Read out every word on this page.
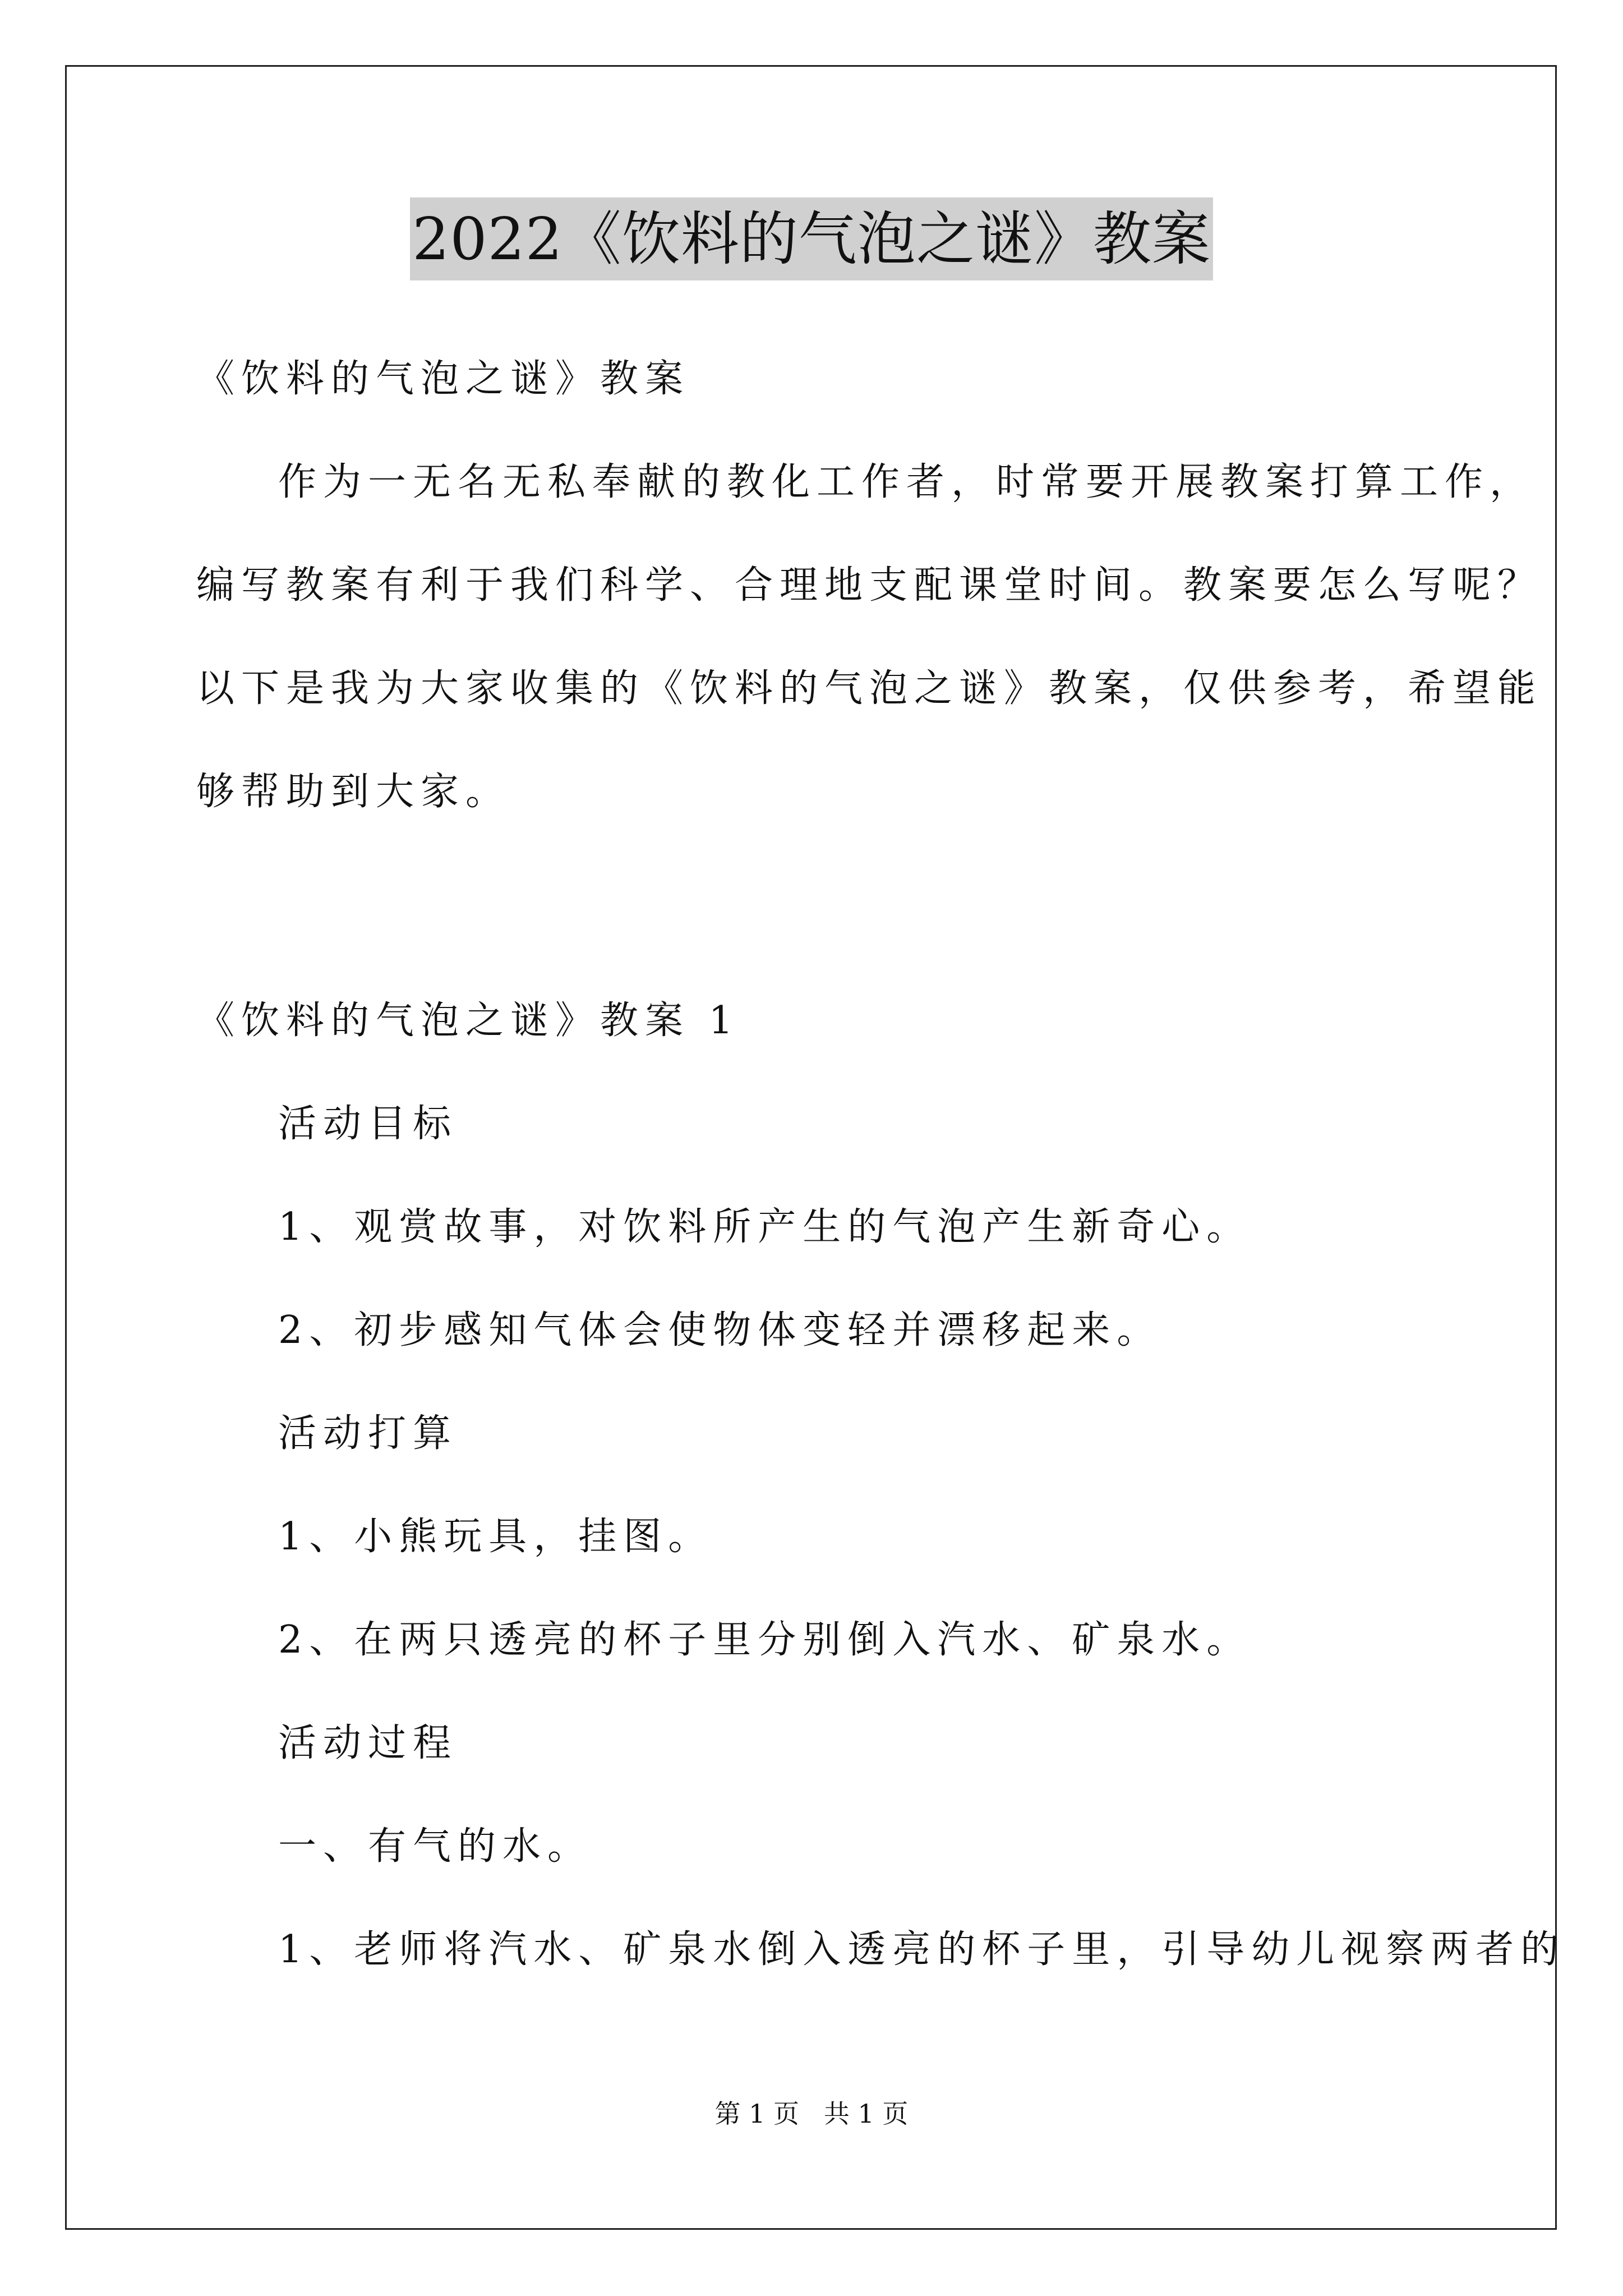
2022《饮料的气泡之谜》教案
《饮料的气泡之谜》教案
作为一无名无私奉献的教化工作者，时常要开展教案打算工作，
编写教案有利于我们科学、合理地支配课堂时间。教案要怎么写呢？
以下是我为大家收集的《饮料的气泡之谜》教案，仅供参考，希望能
够帮助到大家。
《饮料的气泡之谜》教案 1
活动目标
1、观赏故事，对饮料所产生的气泡产生新奇心。
2、初步感知气体会使物体变轻并漂移起来。
活动打算
1、小熊玩具，挂图。
2、在两只透亮的杯子里分别倒入汽水、矿泉水。
活动过程
一、有气的水。
1、老师将汽水、矿泉水倒入透亮的杯子里，引导幼儿视察两者的
第 1 页   共 1 页
